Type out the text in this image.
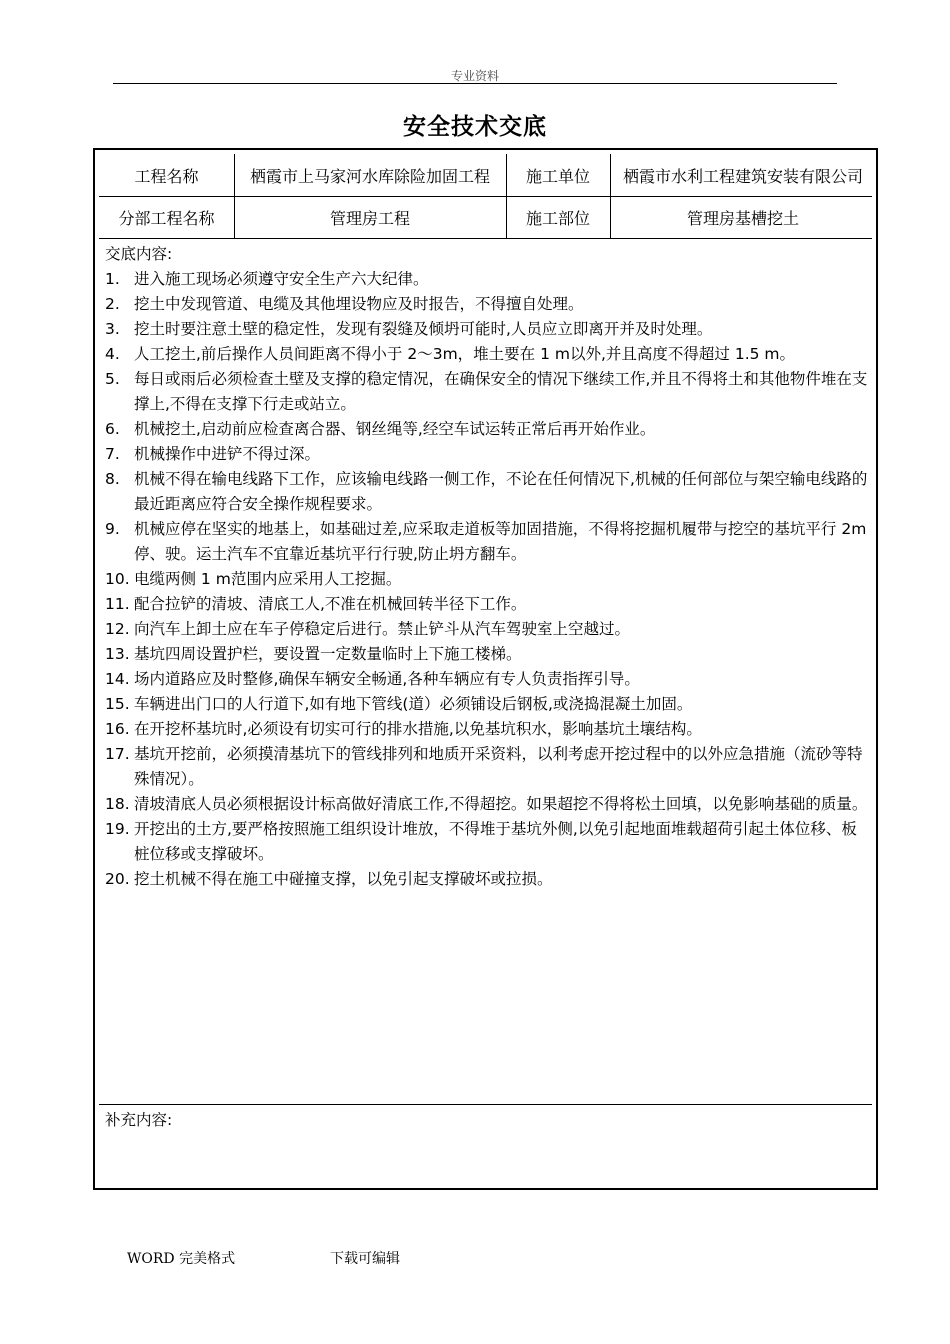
专业资料
安全技术交底
工程名称	栖霞市上马家河水库除险加固工程	施工单位	栖霞市水利工程建筑安装有限公司
分部工程名称	管理房工程	施工部位	管理房基槽挖土
交底内容:
1. 进入施工现场必须遵守安全生产六大纪律。
2. 挖土中发现管道、电缆及其他埋设物应及时报告，不得擅自处理。
3. 挖土时要注意土壁的稳定性，发现有裂缝及倾坍可能时,人员应立即离开并及时处理。
4. 人工挖土,前后操作人员间距离不得小于 2～3m，堆土要在 1 m以外,并且高度不得超过 1.5 m。
5. 每日或雨后必须检查土壁及支撑的稳定情况，在确保安全的情况下继续工作,并且不得将土和其他物件堆在支撑上,不得在支撑下行走或站立。
6. 机械挖土,启动前应检查离合器、钢丝绳等,经空车试运转正常后再开始作业。
7. 机械操作中进铲不得过深。
8. 机械不得在输电线路下工作，应该输电线路一侧工作，不论在任何情况下,机械的任何部位与架空输电线路的最近距离应符合安全操作规程要求。
9. 机械应停在坚实的地基上，如基础过差,应采取走道板等加固措施，不得将挖掘机履带与挖空的基坑平行 2m 停、驶。运土汽车不宜靠近基坑平行行驶,防止坍方翻车。
10. 电缆两侧 1 m范围内应采用人工挖掘。
11. 配合拉铲的清坡、清底工人,不准在机械回转半径下工作。
12. 向汽车上卸土应在车子停稳定后进行。禁止铲斗从汽车驾驶室上空越过。
13. 基坑四周设置护栏，要设置一定数量临时上下施工楼梯。
14. 场内道路应及时整修,确保车辆安全畅通,各种车辆应有专人负责指挥引导。
15. 车辆进出门口的人行道下,如有地下管线(道）必须铺设后钢板,或浇捣混凝土加固。
16. 在开挖杯基坑时,必须设有切实可行的排水措施,以免基坑积水，影响基坑土壤结构。
17. 基坑开挖前，必须摸清基坑下的管线排列和地质开采资料，以利考虑开挖过程中的以外应急措施（流砂等特殊情况）。
18. 清坡清底人员必须根据设计标高做好清底工作,不得超挖。如果超挖不得将松土回填，以免影响基础的质量。
19. 开挖出的土方,要严格按照施工组织设计堆放，不得堆于基坑外侧,以免引起地面堆载超荷引起土体位移、板桩位移或支撑破坏。
20. 挖土机械不得在施工中碰撞支撑，以免引起支撑破坏或拉损。
补充内容:
WORD 完美格式	下载可编辑
